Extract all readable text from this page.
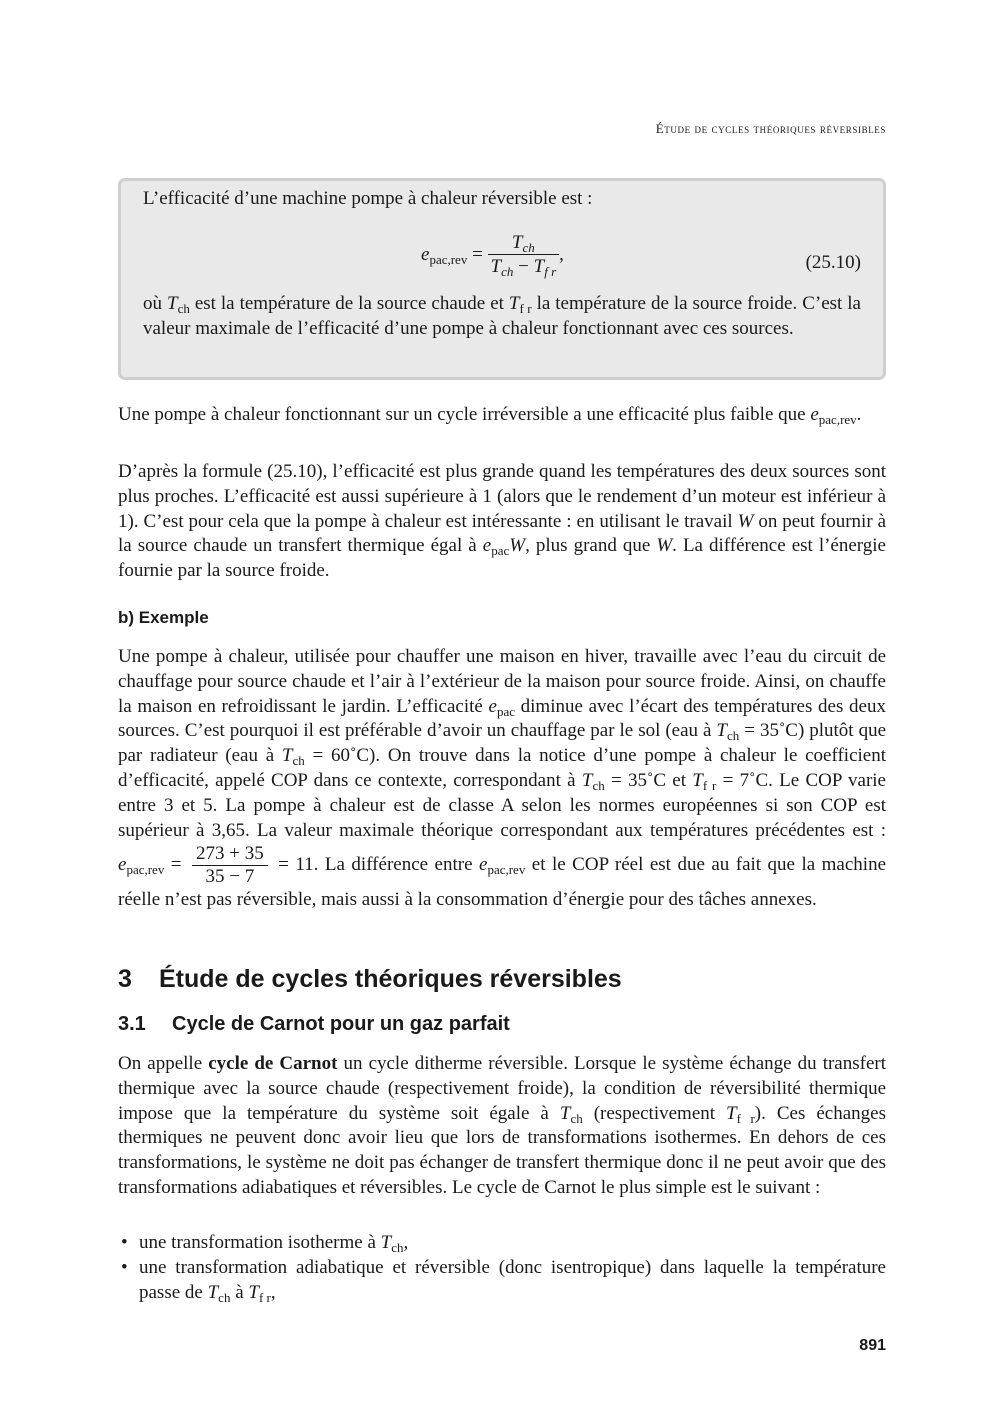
Étude de cycles théoriques réversibles

L’efficacité d’une machine pompe à chaleur réversible est :

$e_{pac,rev} = \frac{T_{ch}}{T_{ch} - T_{f r}}$ ,	(25.10)

où $T_{ch}$ est la température de la source chaude et $T_{f r}$ la température de la source froide. C’est la valeur maximale de l’efficacité d’une pompe à chaleur fonctionnant avec ces sources.

Une pompe à chaleur fonctionnant sur un cycle irréversible a une efficacité plus faible que $e_{pac,rev}$.

D’après la formule (25.10), l’efficacité est plus grande quand les températures des deux sources sont plus proches. L’efficacité est aussi supérieure à 1 (alors que le rendement d’un moteur est inférieur à 1). C’est pour cela que la pompe à chaleur est intéressante : en utilisant le travail W on peut fournir à la source chaude un transfert thermique égal à $e_{pac}W$, plus grand que W. La différence est l’énergie fournie par la source froide.

b) Exemple

Une pompe à chaleur, utilisée pour chauffer une maison en hiver, travaille avec l’eau du circuit de chauffage pour source chaude et l’air à l’extérieur de la maison pour source froide. Ainsi, on chauffe la maison en refroidissant le jardin. L’efficacité $e_{pac}$ diminue avec l’écart des températures des deux sources. C’est pourquoi il est préférable d’avoir un chauffage par le sol (eau à $T_{ch}$ = 35˚C) plutôt que par radiateur (eau à $T_{ch}$ = 60˚C). On trouve dans la notice d’une pompe à chaleur le coefficient d’efficacité, appelé COP dans ce contexte, correspondant à $T_{ch}$ = 35˚C et $T_{f r}$ = 7˚C. Le COP varie entre 3 et 5. La pompe à chaleur est de classe A selon les normes européennes si son COP est supérieur à 3,65. La valeur maximale théorique correspondant aux températures précédentes est : $e_{pac,rev} = \frac{273 + 35}{35 - 7} = 11$. La différence entre $e_{pac,rev}$ et le COP réel est due au fait que la machine réelle n’est pas réversible, mais aussi à la consommation d’énergie pour des tâches annexes.

3 Étude de cycles théoriques réversibles
3.1 Cycle de Carnot pour un gaz parfait

On appelle cycle de Carnot un cycle ditherme réversible. Lorsque le système échange du transfert thermique avec la source chaude (respectivement froide), la condition de réversibilité thermique impose que la température du système soit égale à $T_{ch}$ (respectivement $T_{f r}$). Ces échanges thermiques ne peuvent donc avoir lieu que lors de transformations isothermes. En dehors de ces transformations, le système ne doit pas échanger de transfert thermique donc il ne peut avoir que des transformations adiabatiques et réversibles. Le cycle de Carnot le plus simple est le suivant :

• une transformation isotherme à $T_{ch}$,
• une transformation adiabatique et réversible (donc isentropique) dans laquelle la température passe de $T_{ch}$ à $T_{f r}$,
891
